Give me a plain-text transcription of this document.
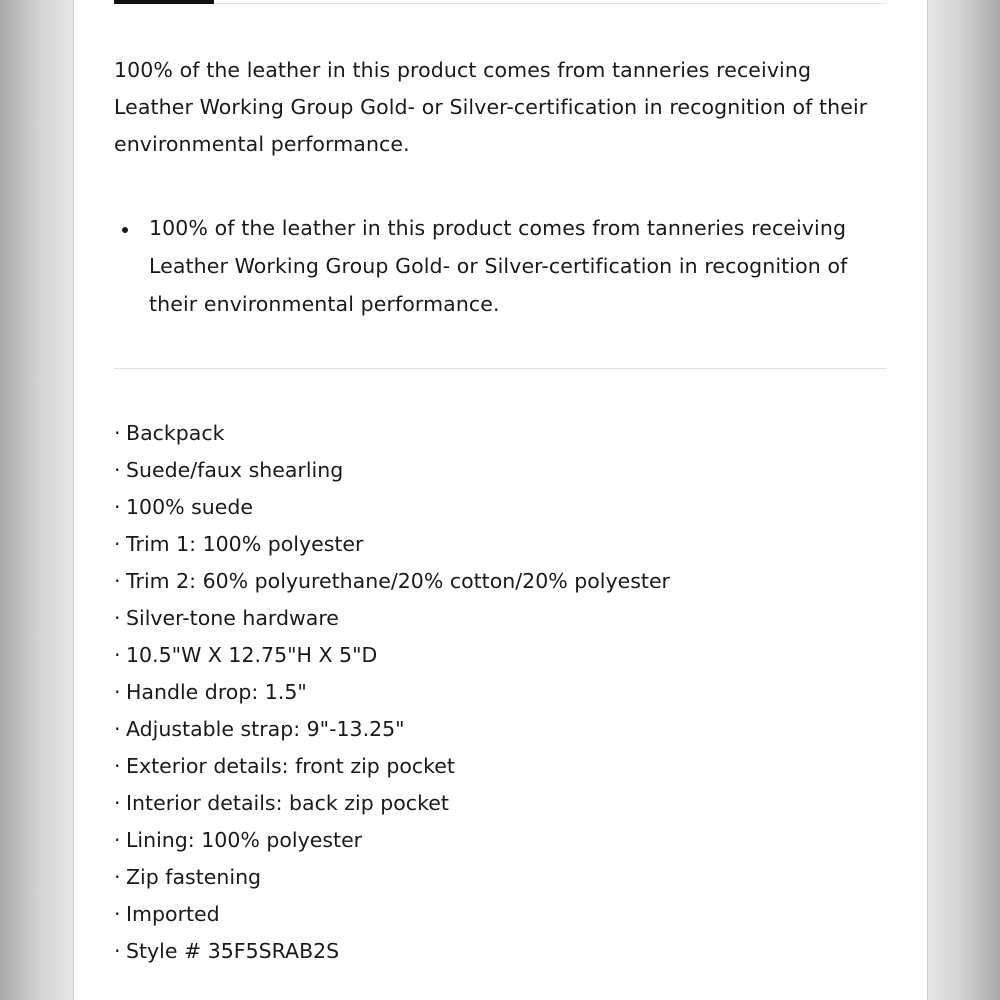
100% of the leather in this product comes from tanneries receiving Leather Working Group Gold- or Silver-certification in recognition of their environmental performance.

100% of the leather in this product comes from tanneries receiving Leather Working Group Gold- or Silver-certification in recognition of their environmental performance.

· Backpack
· Suede/faux shearling
· 100% suede
· Trim 1: 100% polyester
· Trim 2: 60% polyurethane/20% cotton/20% polyester
· Silver-tone hardware
· 10.5"W X 12.75"H X 5"D
· Handle drop: 1.5"
· Adjustable strap: 9"-13.25"
· Exterior details: front zip pocket
· Interior details: back zip pocket
· Lining: 100% polyester
· Zip fastening
· Imported
· Style # 35F5SRAB2S
